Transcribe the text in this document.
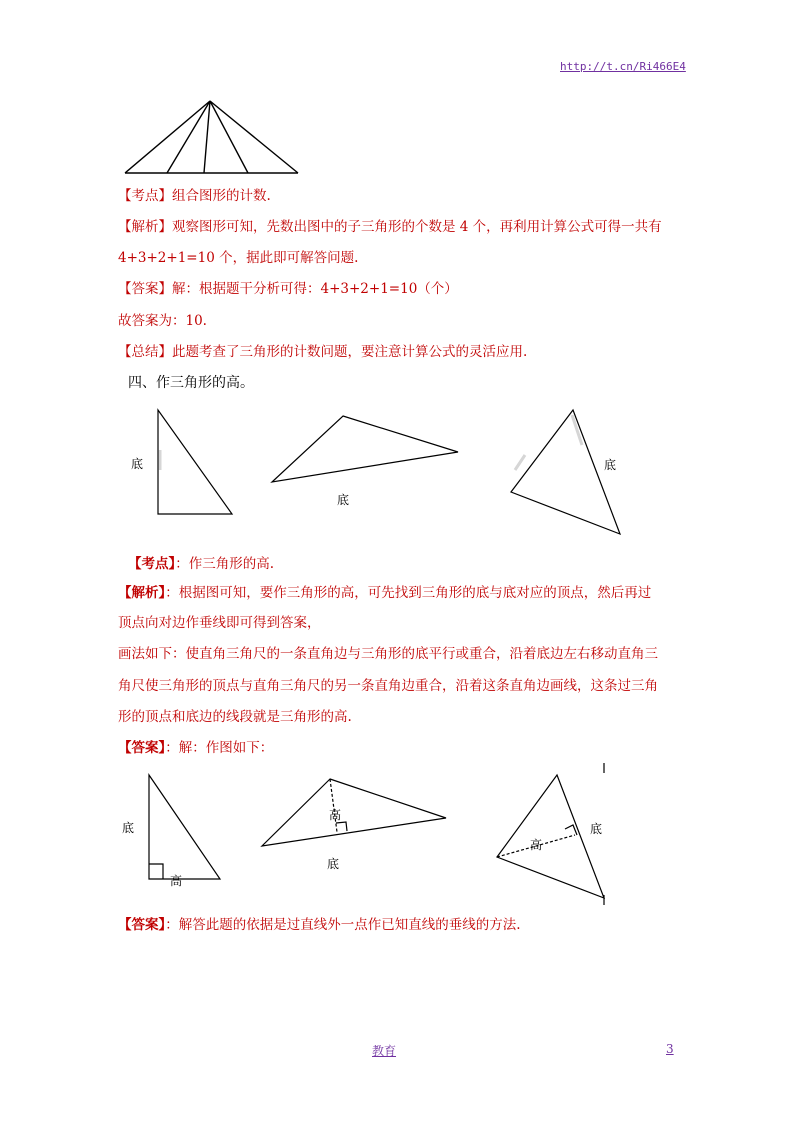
http://t.cn/Ri466E4
【考点】组合图形的计数.
【解析】观察图形可知，先数出图中的子三角形的个数是 4 个，再利用计算公式可得一共有
4+3+2+1=10 个，据此即可解答问题.
【答案】解：根据题干分析可得：4+3+2+1=10（个）
故答案为：10.
【总结】此题考查了三角形的计数问题，要注意计算公式的灵活应用.
四、作三角形的高。
底
底
底
【考点】：作三角形的高.
【解析】：根据图可知，要作三角形的高，可先找到三角形的底与底对应的顶点，然后再过
顶点向对边作垂线即可得到答案，
画法如下：使直角三角尺的一条直角边与三角形的底平行或重合，沿着底边左右移动直角三
角尺使三角形的顶点与直角三角尺的另一条直角边重合，沿着这条直角边画线，这条过三角
形的顶点和底边的线段就是三角形的高.
【答案】：解：作图如下：
底
高
高
底
高
底
【答案】：解答此题的依据是过直线外一点作已知直线的垂线的方法.
教育	3
